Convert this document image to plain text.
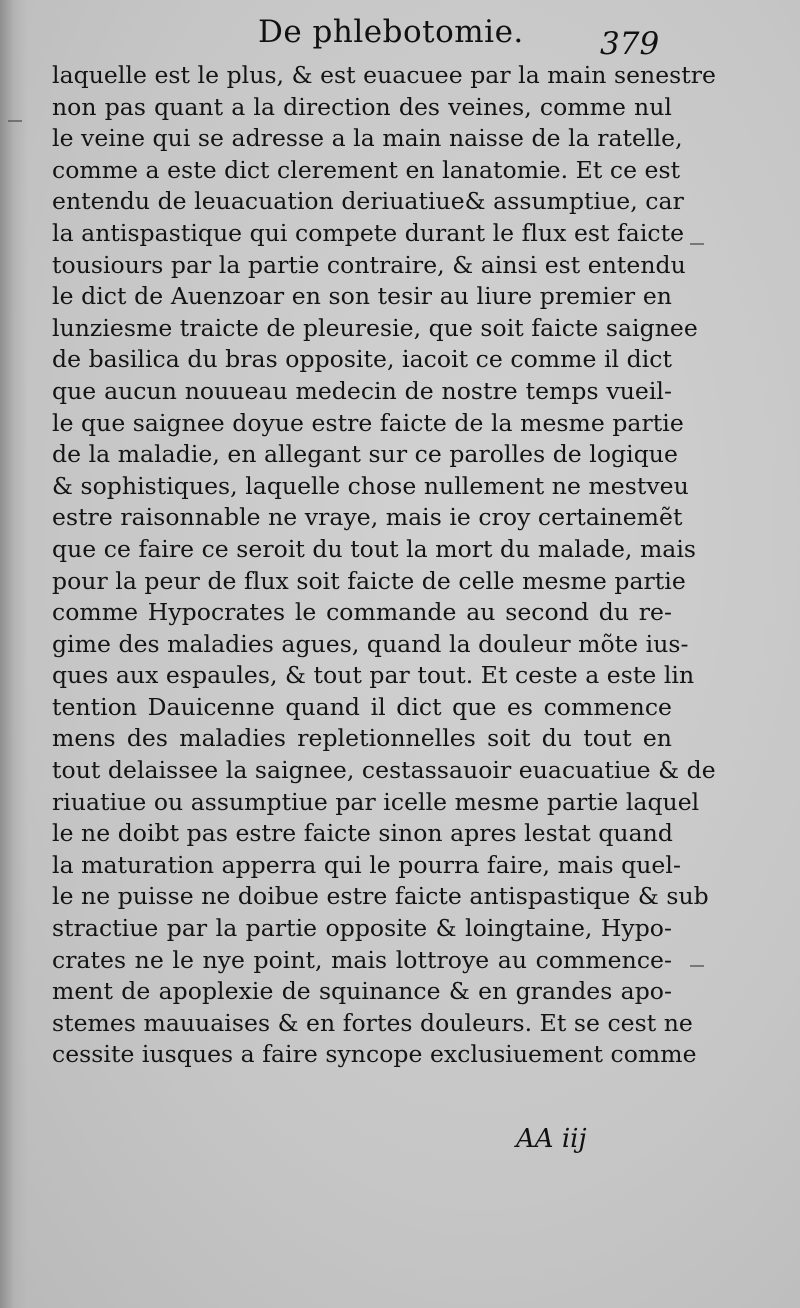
De phlebotomie. 379
laquelle est le plus, & est euacuee par la main senestre
non pas quant a la direction des veines, comme nul
le veine qui se adresse a la main naisse de la ratelle,
comme a este dict clerement en lanatomie. Et ce est
entendu de leuacuation deriuatiue& assumptiue, car
la antispastique qui compete durant le flux est faicte
tousiours par la partie contraire, & ainsi est entendu
le dict de Auenzoar en son tesir au liure premier en
lunziesme traicte de pleuresie, que soit faicte saignee
de basilica du bras opposite, iacoit ce comme il dict
que aucun nouueau medecin de nostre temps vueil-
le que saignee doyue estre faicte de la mesme partie
de la maladie, en allegant sur ce parolles de logique
& sophistiques, laquelle chose nullement ne mestveu
estre raisonnable ne vraye, mais ie croy certainemẽt
que ce faire ce seroit du tout la mort du malade, mais
pour la peur de flux soit faicte de celle mesme partie
comme Hypocrates le commande au second du re-
gime des maladies agues, quand la douleur mõte ius-
ques aux espaules, & tout par tout. Et ceste a este lin
tention Dauicenne quand il dict que es commence
mens des maladies repletionnelles soit du tout en
tout delaissee la saignee, cestassauoir euacuatiue & de
riuatiue ou assumptiue par icelle mesme partie laquel
le ne doibt pas estre faicte sinon apres lestat quand
la maturation apperra qui le pourra faire, mais quel-
le ne puisse ne doibue estre faicte antispastique & sub
stractiue par la partie opposite & loingtaine, Hypo-
crates ne le nye point, mais lottroye au commence-
ment de apoplexie de squinance & en grandes apo-
stemes mauuaises & en fortes douleurs. Et se cest ne
cessite iusques a faire syncope exclusiuement comme
AA iij
